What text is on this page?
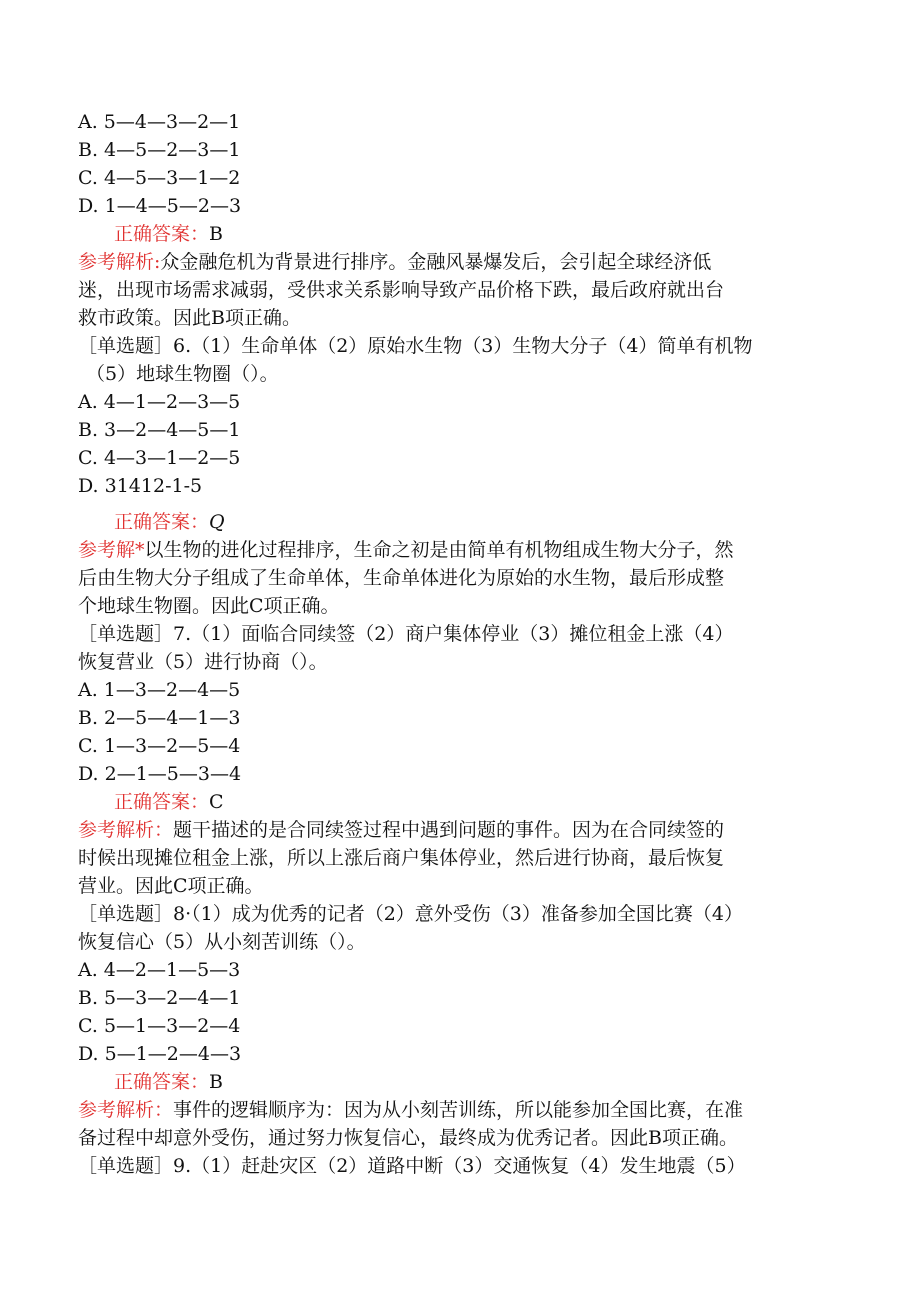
A. 5—4—3—2—1
B. 4—5—2—3—1
C. 4—5—3—1—2
D. 1—4—5—2—3
正确答案：B
参考解析:众金融危机为背景进行排序。金融风暴爆发后，会引起全球经济低
迷，出现市场需求减弱，受供求关系影响导致产品价格下跌，最后政府就出台
救市政策。因此B项正确。
［单选题］6.（1）生命单体（2）原始水生物（3）生物大分子（4）简单有机物
（5）地球生物圈（）。
A. 4—1—2—3—5
B. 3—2—4—5—1
C. 4—3—1—2—5
D. 31412-1-5
正确答案：Q
参考解*以生物的进化过程排序，生命之初是由简单有机物组成生物大分子，然
后由生物大分子组成了生命单体，生命单体进化为原始的水生物，最后形成整
个地球生物圈。因此C项正确。
［单选题］7.（1）面临合同续签（2）商户集体停业（3）摊位租金上涨（4）
恢复营业（5）进行协商（）。
A. 1—3—2—4—5
B. 2—5—4—1—3
C. 1—3—2—5—4
D. 2—1—5—3—4
正确答案：C
参考解析：题干描述的是合同续签过程中遇到问题的事件。因为在合同续签的
时候出现摊位租金上涨，所以上涨后商户集体停业，然后进行协商，最后恢复
营业。因此C项正确。
［单选题］8·（1）成为优秀的记者（2）意外受伤（3）准备参加全国比赛（4）
恢复信心（5）从小刻苦训练（）。
A. 4—2—1—5—3
B. 5—3—2—4—1
C. 5—1—3—2—4
D. 5—1—2—4—3
正确答案：B
参考解析：事件的逻辑顺序为：因为从小刻苦训练，所以能参加全国比赛，在准
备过程中却意外受伤，通过努力恢复信心，最终成为优秀记者。因此B项正确。
［单选题］9.（1）赶赴灾区（2）道路中断（3）交通恢复（4）发生地震（5）
